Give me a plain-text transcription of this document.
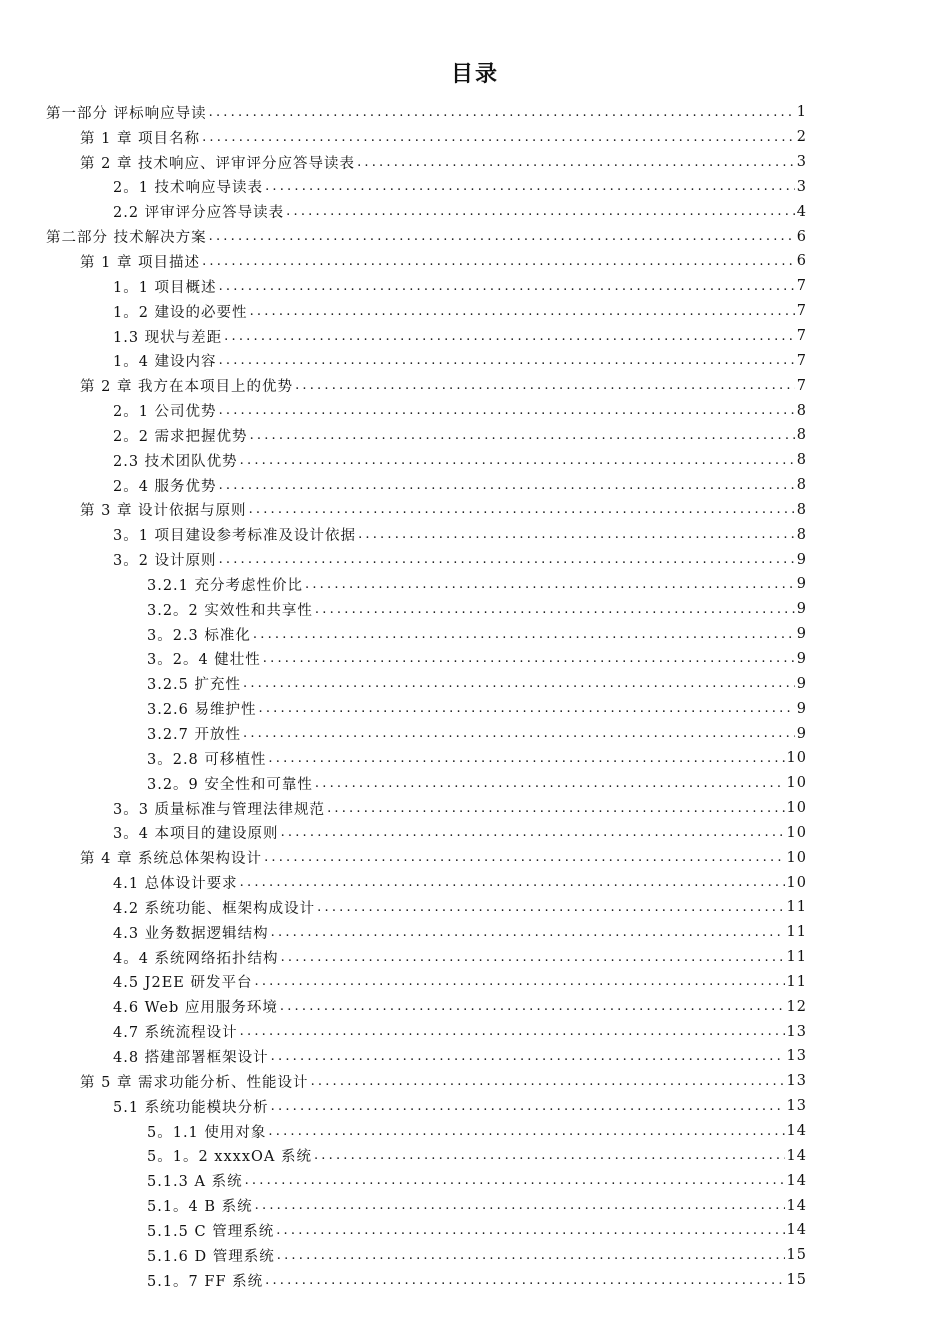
目录
第一部分 评标响应导读 .....	1
第 1 章 项目名称 .....	2
第 2 章 技术响应、评审评分应答导读表 .....	3
2。1 技术响应导读表 .....	3
2.2 评审评分应答导读表 .....	4
第二部分 技术解决方案 .....	6
第 1 章 项目描述 .....	6
1。1 项目概述 .....	7
1。2 建设的必要性 .....	7
1.3 现状与差距 .....	7
1。4 建设内容 .....	7
第 2 章 我方在本项目上的优势 .....	7
2。1 公司优势 .....	8
2。2 需求把握优势 .....	8
2.3 技术团队优势 .....	8
2。4 服务优势 .....	8
第 3 章 设计依据与原则 .....	8
3。1 项目建设参考标准及设计依据 .....	8
3。2 设计原则 .....	9
3.2.1 充分考虑性价比 .....	9
3.2。2 实效性和共享性 .....	9
3。2.3 标准化 .....	9
3。2。4 健壮性 .....	9
3.2.5 扩充性 .....	9
3.2.6 易维护性 .....	9
3.2.7 开放性 .....	9
3。2.8 可移植性 .....	10
3.2。9 安全性和可靠性 .....	10
3。3 质量标准与管理法律规范 .....	10
3。4 本项目的建设原则 .....	10
第 4 章 系统总体架构设计 .....	10
4.1 总体设计要求 .....	10
4.2 系统功能、框架构成设计 .....	11
4.3 业务数据逻辑结构 .....	11
4。4 系统网络拓扑结构 .....	11
4.5 J2EE 研发平台 .....	11
4.6 Web 应用服务环境 .....	12
4.7 系统流程设计 .....	13
4.8 搭建部署框架设计 .....	13
第 5 章 需求功能分析、性能设计 .....	13
5.1 系统功能模块分析 .....	13
5。1.1 使用对象 .....	14
5。1。2 xxxxOA 系统 .....	14
5.1.3 A 系统 .....	14
5.1。4 B 系统 .....	14
5.1.5 C 管理系统 .....	14
5.1.6 D 管理系统 .....	15
5.1。7 FF 系统 .....	15
